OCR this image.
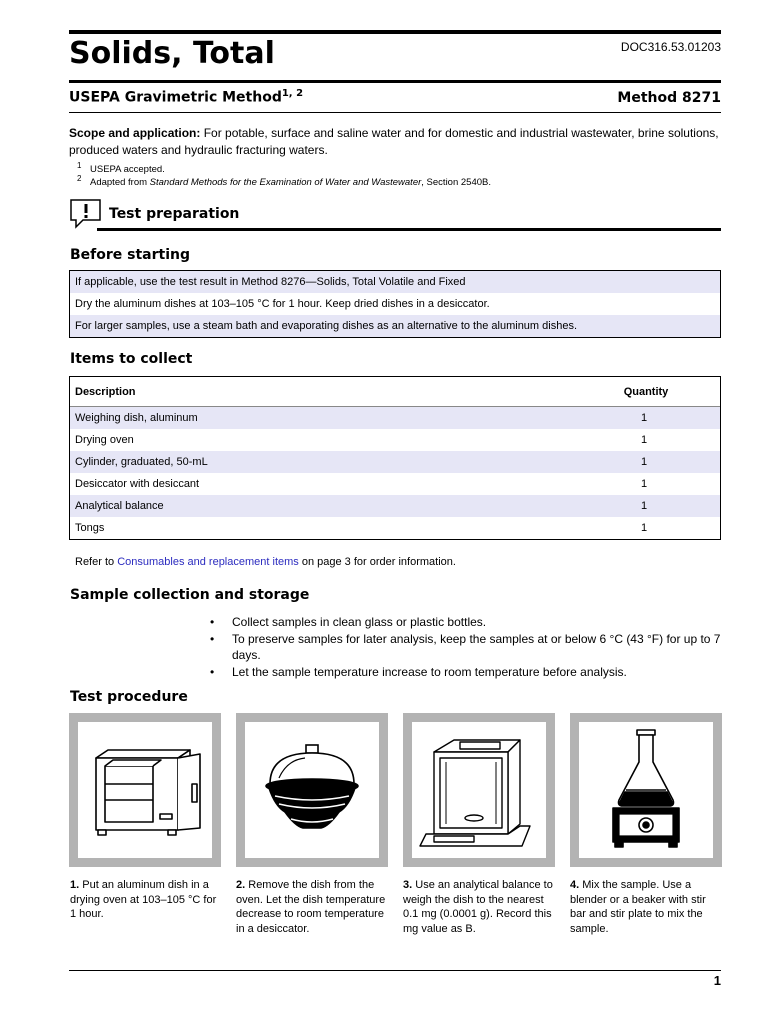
Solids, Total	DOC316.53.01203
USEPA Gravimetric Method$^{1, 2}$	Method 8271
Scope and application: For potable, surface and saline water and for domestic and industrial wastewater, brine solutions, produced waters and hydraulic fracturing waters.
1 USEPA accepted.
2 Adapted from Standard Methods for the Examination of Water and Wastewater, Section 2540B.
Test preparation
Before starting
If applicable, use the test result in Method 8276—Solids, Total Volatile and Fixed
Dry the aluminum dishes at 103–105 °C for 1 hour. Keep dried dishes in a desiccator.
For larger samples, use a steam bath and evaporating dishes as an alternative to the aluminum dishes.
Items to collect
Description	Quantity
Weighing dish, aluminum	1
Drying oven	1
Cylinder, graduated, 50-mL	1
Desiccator with desiccant	1
Analytical balance	1
Tongs	1
Refer to Consumables and replacement items on page 3 for order information.
Sample collection and storage
• Collect samples in clean glass or plastic bottles.
• To preserve samples for later analysis, keep the samples at or below 6 °C (43 °F) for up to 7 days.
• Let the sample temperature increase to room temperature before analysis.
Test procedure
1. Put an aluminum dish in a drying oven at 103–105 °C for 1 hour.
2. Remove the dish from the oven. Let the dish temperature decrease to room temperature in a desiccator.
3. Use an analytical balance to weigh the dish to the nearest 0.1 mg (0.0001 g). Record this mg value as B.
4. Mix the sample. Use a blender or a beaker with stir bar and stir plate to mix the sample.
1
